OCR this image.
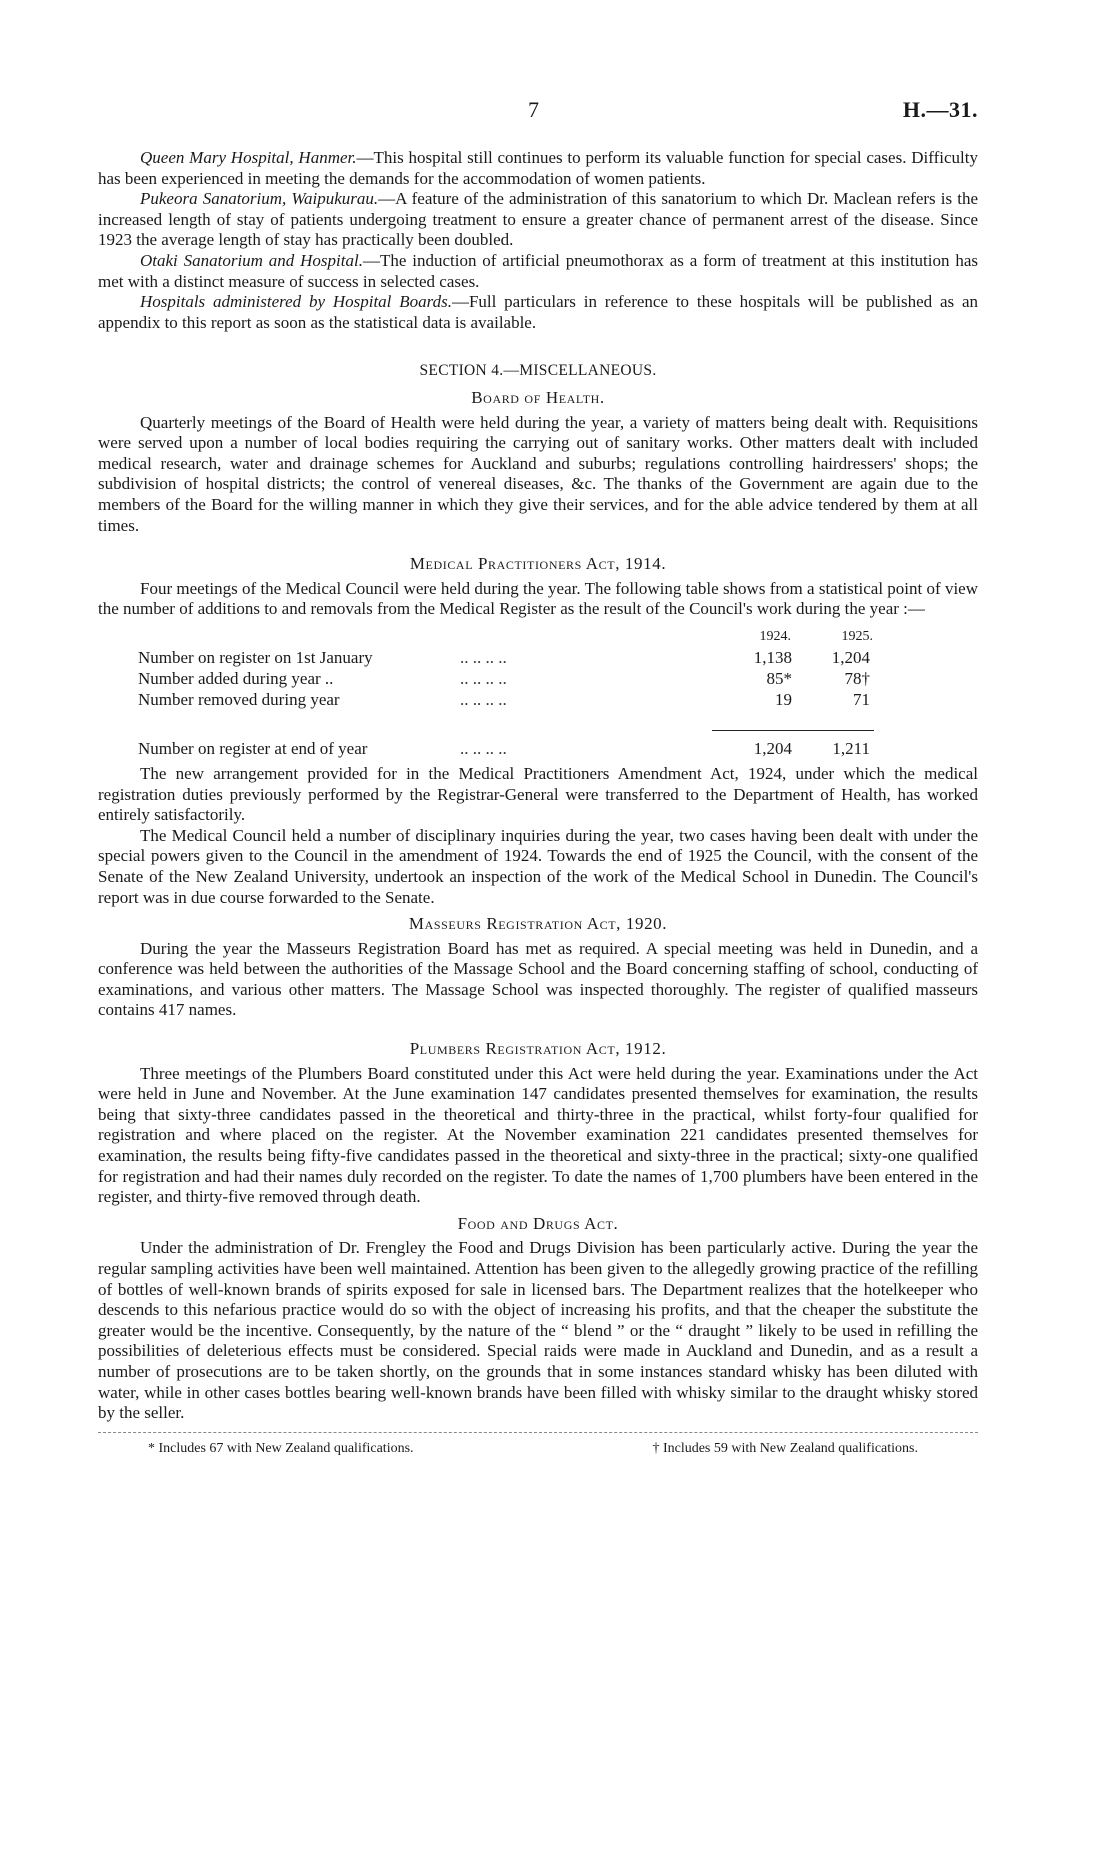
7	H.—31.

Queen Mary Hospital, Hanmer.—This hospital still continues to perform its valuable function for special cases. Difficulty has been experienced in meeting the demands for the accommodation of women patients.

Pukeora Sanatorium, Waipukurau.—A feature of the administration of this sanatorium to which Dr. Maclean refers is the increased length of stay of patients undergoing treatment to ensure a greater chance of permanent arrest of the disease. Since 1923 the average length of stay has practically been doubled.

Otaki Sanatorium and Hospital.—The induction of artificial pneumothorax as a form of treatment at this institution has met with a distinct measure of success in selected cases.

Hospitals administered by Hospital Boards.—Full particulars in reference to these hospitals will be published as an appendix to this report as soon as the statistical data is available.

SECTION 4.—MISCELLANEOUS.
Board of Health.

Quarterly meetings of the Board of Health were held during the year, a variety of matters being dealt with. Requisitions were served upon a number of local bodies requiring the carrying out of sanitary works. Other matters dealt with included medical research, water and drainage schemes for Auckland and suburbs; regulations controlling hairdressers' shops; the subdivision of hospital districts; the control of venereal diseases, &c. The thanks of the Government are again due to the members of the Board for the willing manner in which they give their services, and for the able advice tendered by them at all times.

Medical Practitioners Act, 1914.

Four meetings of the Medical Council were held during the year. The following table shows from a statistical point of view the number of additions to and removals from the Medical Register as the result of the Council's work during the year :—

		1924.	1925.
Number on register on 1st January	.. .. .. ..	1,138	1,204
Number added during year ..	.. .. .. ..	85*	78†
Number removed during year	.. .. .. ..	19	71

Number on register at end of year	.. .. .. ..	1,204	1,211

The new arrangement provided for in the Medical Practitioners Amendment Act, 1924, under which the medical registration duties previously performed by the Registrar-General were transferred to the Department of Health, has worked entirely satisfactorily.

The Medical Council held a number of disciplinary inquiries during the year, two cases having been dealt with under the special powers given to the Council in the amendment of 1924. Towards the end of 1925 the Council, with the consent of the Senate of the New Zealand University, undertook an inspection of the work of the Medical School in Dunedin. The Council's report was in due course forwarded to the Senate.

Masseurs Registration Act, 1920.

During the year the Masseurs Registration Board has met as required. A special meeting was held in Dunedin, and a conference was held between the authorities of the Massage School and the Board concerning staffing of school, conducting of examinations, and various other matters. The Massage School was inspected thoroughly. The register of qualified masseurs contains 417 names.

Plumbers Registration Act, 1912.

Three meetings of the Plumbers Board constituted under this Act were held during the year. Examinations under the Act were held in June and November. At the June examination 147 candidates presented themselves for examination, the results being that sixty-three candidates passed in the theoretical and thirty-three in the practical, whilst forty-four qualified for registration and where placed on the register. At the November examination 221 candidates presented themselves for examination, the results being fifty-five candidates passed in the theoretical and sixty-three in the practical; sixty-one qualified for registration and had their names duly recorded on the register. To date the names of 1,700 plumbers have been entered in the register, and thirty-five removed through death.

Food and Drugs Act.

Under the administration of Dr. Frengley the Food and Drugs Division has been particularly active. During the year the regular sampling activities have been well maintained. Attention has been given to the allegedly growing practice of the refilling of bottles of well-known brands of spirits exposed for sale in licensed bars. The Department realizes that the hotelkeeper who descends to this nefarious practice would do so with the object of increasing his profits, and that the cheaper the substitute the greater would be the incentive. Consequently, by the nature of the “ blend ” or the “ draught ” likely to be used in refilling the possibilities of deleterious effects must be considered. Special raids were made in Auckland and Dunedin, and as a result a number of prosecutions are to be taken shortly, on the grounds that in some instances standard whisky has been diluted with water, while in other cases bottles bearing well-known brands have been filled with whisky similar to the draught whisky stored by the seller.

* Includes 67 with New Zealand qualifications.	† Includes 59 with New Zealand qualifications.
